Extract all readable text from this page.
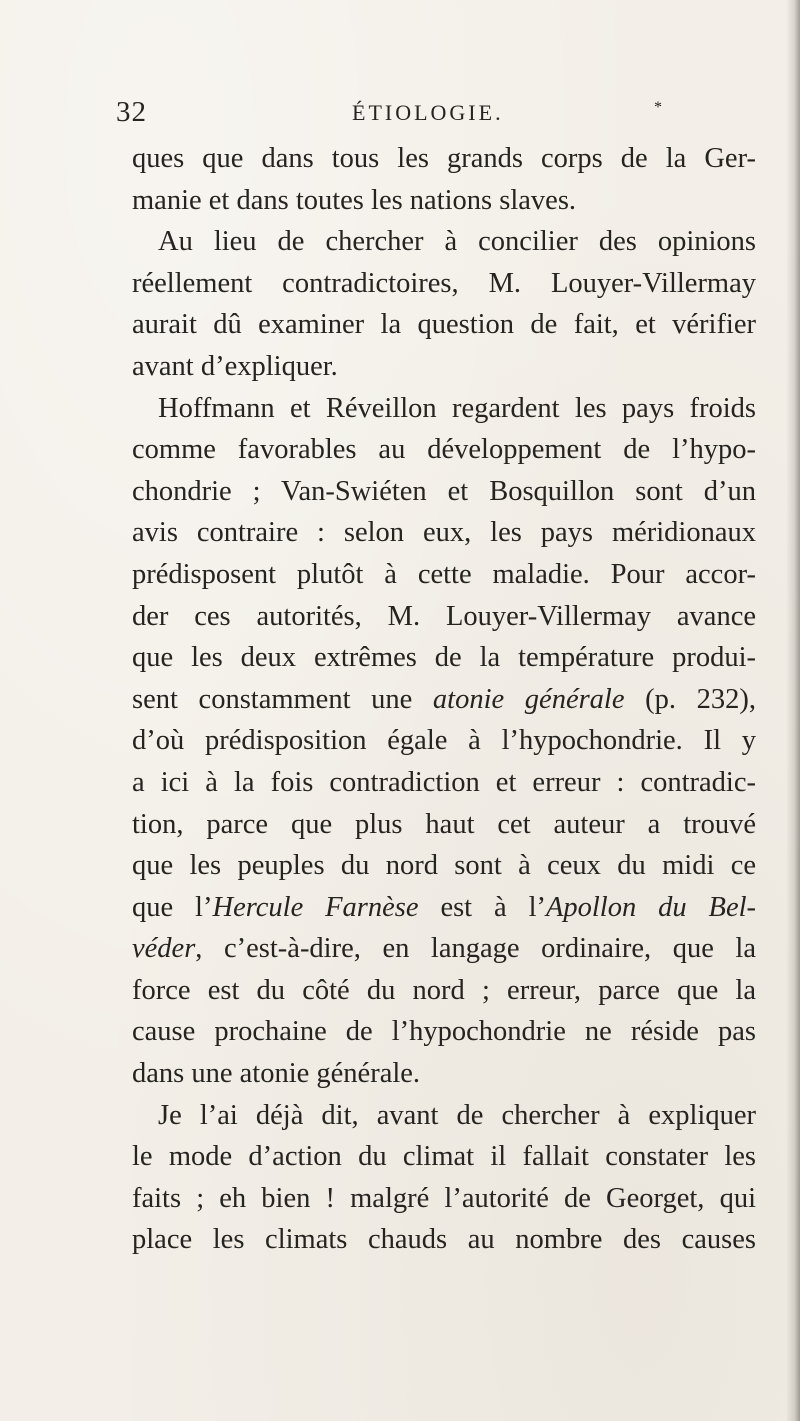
32	ÉTIOLOGIE.	*
ques que dans tous les grands corps de la Ger-
manie et dans toutes les nations slaves.
Au lieu de chercher à concilier des opinions
réellement contradictoires, M. Louyer-Villermay
aurait dû examiner la question de fait, et vérifier
avant d’expliquer.
Hoffmann et Réveillon regardent les pays froids
comme favorables au développement de l’hypo-
chondrie ; Van-Swiéten et Bosquillon sont d’un
avis contraire : selon eux, les pays méridionaux
prédisposent plutôt à cette maladie. Pour accor-
der ces autorités, M. Louyer-Villermay avance
que les deux extrêmes de la température produi-
sent constamment une atonie générale (p. 232),
d’où prédisposition égale à l’hypochondrie. Il y
a ici à la fois contradiction et erreur : contradic-
tion, parce que plus haut cet auteur a trouvé
que les peuples du nord sont à ceux du midi ce
que l’Hercule Farnèse est à l’Apollon du Bel-
véder, c’est-à-dire, en langage ordinaire, que la
force est du côté du nord ; erreur, parce que la
cause prochaine de l’hypochondrie ne réside pas
dans une atonie générale.
Je l’ai déjà dit, avant de chercher à expliquer
le mode d’action du climat il fallait constater les
faits ; eh bien ! malgré l’autorité de Georget, qui
place les climats chauds au nombre des causes
